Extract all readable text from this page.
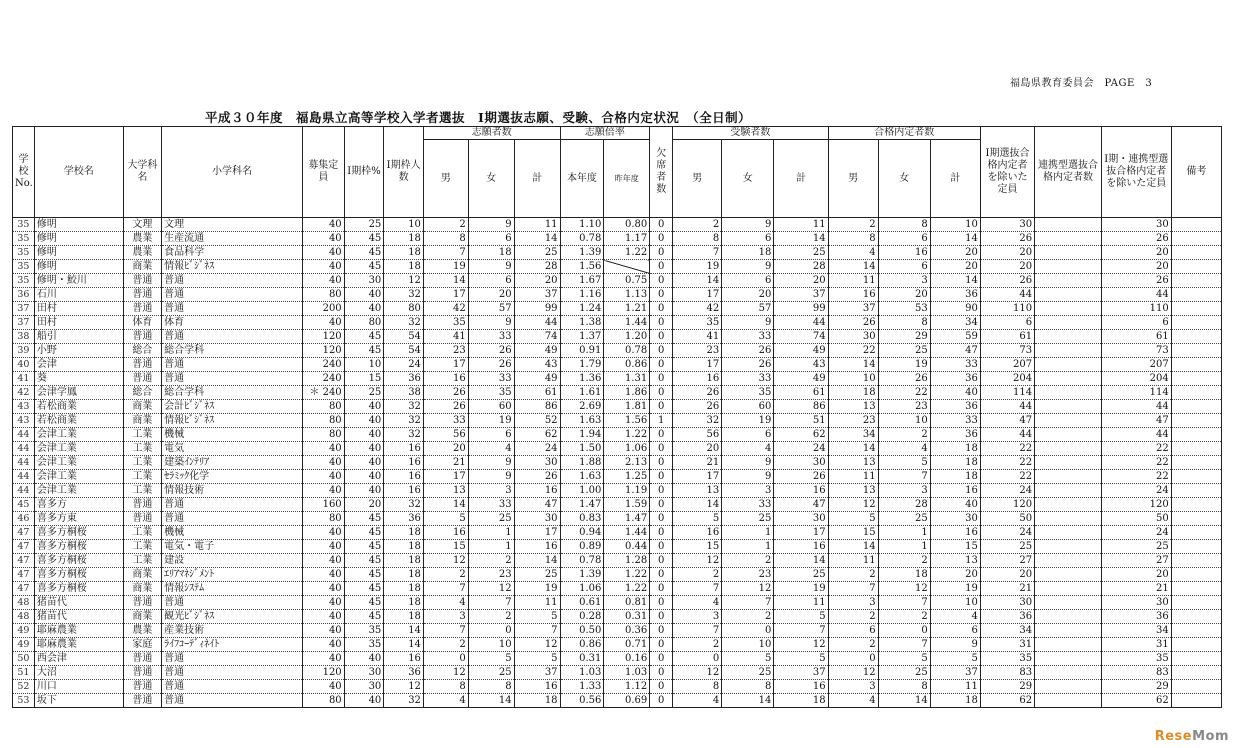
福島県教育委員会　PAGE　3
平成３０年度　福島県立高等学校入学者選抜　Ⅰ期選抜志願、受験、合格内定状況　（全日制）
学校No.	学校名	大学科名	小学科名	募集定員	Ⅰ期枠%	Ⅰ期枠人数	志願者数			志願倍率		欠席者数	受験者数			合格内定者数			Ⅰ期選抜合格内定者を除いた定員	連携型選抜合格内定者数	Ⅰ期・連携型選抜合格内定者を除いた定員	備考
							男	女	計	本年度	昨年度		男	女	計	男	女	計				
35	修明	文理	文理	40	25	10	2	9	11	1.10	0.80	0	2	9	11	2	8	10	30		30	
35	修明	農業	生産流通	40	45	18	8	6	14	0.78	1.17	0	8	6	14	8	6	14	26		26	
35	修明	農業	食品科学	40	45	18	7	18	25	1.39	1.22	0	7	18	25	4	16	20	20		20	
35	修明	商業	情報ﾋﾞｼﾞﾈｽ	40	45	18	19	9	28	1.56		0	19	9	28	14	6	20	20		20	
35	修明・鮫川	普通	普通	40	30	12	14	6	20	1.67	0.75	0	14	6	20	11	3	14	26		26	
36	石川	普通	普通	80	40	32	17	20	37	1.16	1.13	0	17	20	37	16	20	36	44		44	
37	田村	普通	普通	200	40	80	42	57	99	1.24	1.21	0	42	57	99	37	53	90	110		110	
37	田村	体育	体育	40	80	32	35	9	44	1.38	1.44	0	35	9	44	26	8	34	6		6	
38	船引	普通	普通	120	45	54	41	33	74	1.37	1.20	0	41	33	74	30	29	59	61		61	
39	小野	総合	総合学科	120	45	54	23	26	49	0.91	0.78	0	23	26	49	22	25	47	73		73	
40	会津	普通	普通	240	10	24	17	26	43	1.79	0.86	0	17	26	43	14	19	33	207		207	
41	葵	普通	普通	240	15	36	16	33	49	1.36	1.31	0	16	33	49	10	26	36	204		204	
42	会津学鳳	総合	総合学科	＊ 240	25	38	26	35	61	1.61	1.86	0	26	35	61	18	22	40	114		114	
43	若松商業	商業	会計ﾋﾞｼﾞﾈｽ	80	40	32	26	60	86	2.69	1.81	0	26	60	86	13	23	36	44		44	
43	若松商業	商業	情報ﾋﾞｼﾞﾈｽ	80	40	32	33	19	52	1.63	1.56	1	32	19	51	23	10	33	47		47	
44	会津工業	工業	機械	80	40	32	56	6	62	1.94	1.22	0	56	6	62	34	2	36	44		44	
44	会津工業	工業	電気	40	40	16	20	4	24	1.50	1.06	0	20	4	24	14	4	18	22		22	
44	会津工業	工業	建築ｲﾝﾃﾘｱ	40	40	16	21	9	30	1.88	2.13	0	21	9	30	13	5	18	22		22	
44	会津工業	工業	ｾﾗﾐｯｸ化学	40	40	16	17	9	26	1.63	1.25	0	17	9	26	11	7	18	22		22	
44	会津工業	工業	情報技術	40	40	16	13	3	16	1.00	1.19	0	13	3	16	13	3	16	24		24	
45	喜多方	普通	普通	160	20	32	14	33	47	1.47	1.59	0	14	33	47	12	28	40	120		120	
46	喜多方東	普通	普通	80	45	36	5	25	30	0.83	1.47	0	5	25	30	5	25	30	50		50	
47	喜多方桐桜	工業	機械	40	45	18	16	1	17	0.94	1.44	0	16	1	17	15	1	16	24		24	
47	喜多方桐桜	工業	電気・電子	40	45	18	15	1	16	0.89	0.44	0	15	1	16	14	1	15	25		25	
47	喜多方桐桜	工業	建設	40	45	18	12	2	14	0.78	1.28	0	12	2	14	11	2	13	27		27	
47	喜多方桐桜	商業	ｴﾘｱﾏﾈｼﾞﾒﾝﾄ	40	45	18	2	23	25	1.39	1.22	0	2	23	25	2	18	20	20		20	
47	喜多方桐桜	商業	情報ｼｽﾃﾑ	40	45	18	7	12	19	1.06	1.22	0	7	12	19	7	12	19	21		21	
48	猪苗代	普通	普通	40	45	18	4	7	11	0.61	0.81	0	4	7	11	3	7	10	30		30	
48	猪苗代	商業	観光ﾋﾞｼﾞﾈｽ	40	45	18	3	2	5	0.28	0.31	0	3	2	5	2	2	4	36		36	
49	耶麻農業	農業	産業技術	40	35	14	7	0	7	0.50	0.36	0	7	0	7	6	0	6	34		34	
49	耶麻農業	家庭	ﾗｲﾌｺｰﾃﾞｨﾈｲﾄ	40	35	14	2	10	12	0.86	0.71	0	2	10	12	2	7	9	31		31	
50	西会津	普通	普通	40	40	16	0	5	5	0.31	0.16	0	0	5	5	0	5	5	35		35	
51	大沼	普通	普通	120	30	36	12	25	37	1.03	1.03	0	12	25	37	12	25	37	83		83	
52	川口	普通	普通	40	30	12	8	8	16	1.33	1.12	0	8	8	16	3	8	11	29		29	
53	坂下	普通	普通	80	40	32	4	14	18	0.56	0.69	0	4	14	18	4	14	18	62		62	
ReseMom
